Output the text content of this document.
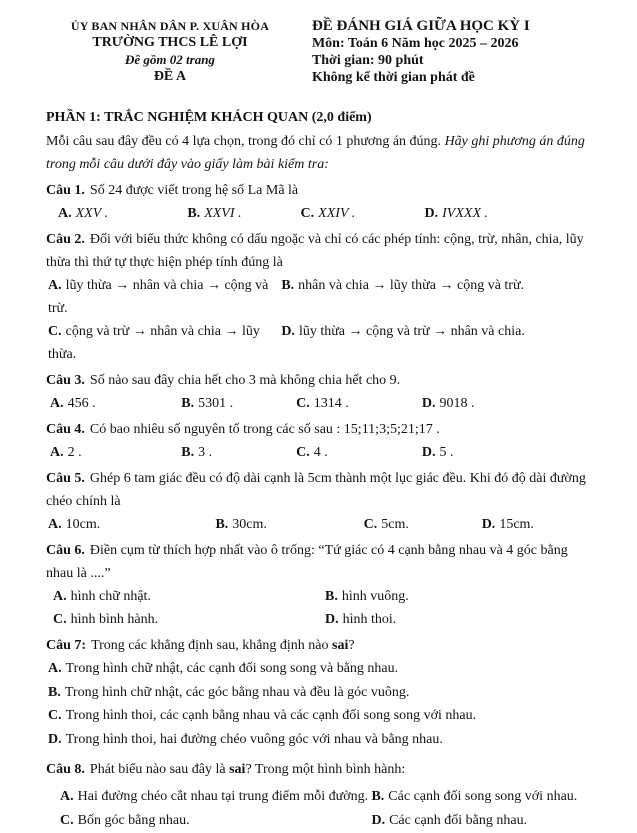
ỦY BAN NHÂN DÂN P. XUÂN HÒA
TRƯỜNG THCS LÊ LỢI
Đề gồm 02 trang
ĐỀ A
ĐỀ ĐÁNH GIÁ GIỮA HỌC KỲ I
Môn: Toán 6 Năm học 2025 – 2026
Thời gian: 90 phút
Không kể thời gian phát đề
PHẦN 1: TRẮC NGHIỆM KHÁCH QUAN (2,0 điểm)
Mỗi câu sau đây đều có 4 lựa chọn, trong đó chỉ có 1 phương án đúng. Hãy ghi phương án đúng trong mỗi câu dưới đây vào giấy làm bài kiểm tra:

Câu 1. Số 24 được viết trong hệ số La Mã là

A. XXV .	B. XXVI .	C. XXIV .	D. IVXXX .

Câu 2. Đối với biểu thức không có dấu ngoặc và chỉ có các phép tính: cộng, trừ, nhân, chia, lũy thừa thì thứ tự thực hiện phép tính đúng là

A. lũy thừa → nhân và chia → cộng và trừ.
B. nhân và chia → lũy thừa → cộng và trừ.
C. cộng và trừ → nhân và chia → lũy thừa.
D. lũy thừa → cộng và trừ → nhân và chia.

Câu 3. Số nào sau đây chia hết cho 3 mà không chia hết cho 9.

A. 456 .	B. 5301 .	C. 1314 .	D. 9018 .

Câu 4. Có bao nhiêu số nguyên tố trong các số sau : 15;11;3;5;21;17 .

A. 2 .	B. 3 .	C. 4 .	D. 5 .

Câu 5. Ghép 6 tam giác đều có độ dài cạnh là 5cm thành một lục giác đều. Khi đó độ dài đường chéo chính là

A. 10cm.	B. 30cm.	C. 5cm.	D. 15cm.

Câu 6. Điền cụm từ thích hợp nhất vào ô trống: “Tứ giác có 4 cạnh bằng nhau và 4 góc bằng nhau là ....”

A. hình chữ nhật.	B. hình vuông.
C. hình bình hành.	D. hình thoi.

Câu 7: Trong các khẳng định sau, khẳng định nào sai?

A. Trong hình chữ nhật, các cạnh đối song song và bằng nhau.
B. Trong hình chữ nhật, các góc bằng nhau và đều là góc vuông.
C. Trong hình thoi, các cạnh bằng nhau và các cạnh đối song song với nhau.
D. Trong hình thoi, hai đường chéo vuông góc với nhau và bằng nhau.

Câu 8. Phát biểu nào sau đây là sai? Trong một hình bình hành:

A. Hai đường chéo cắt nhau tại trung điểm mỗi đường. B. Các cạnh đối song song với nhau.
C. Bốn góc bằng nhau.	D. Các cạnh đối bằng nhau.
